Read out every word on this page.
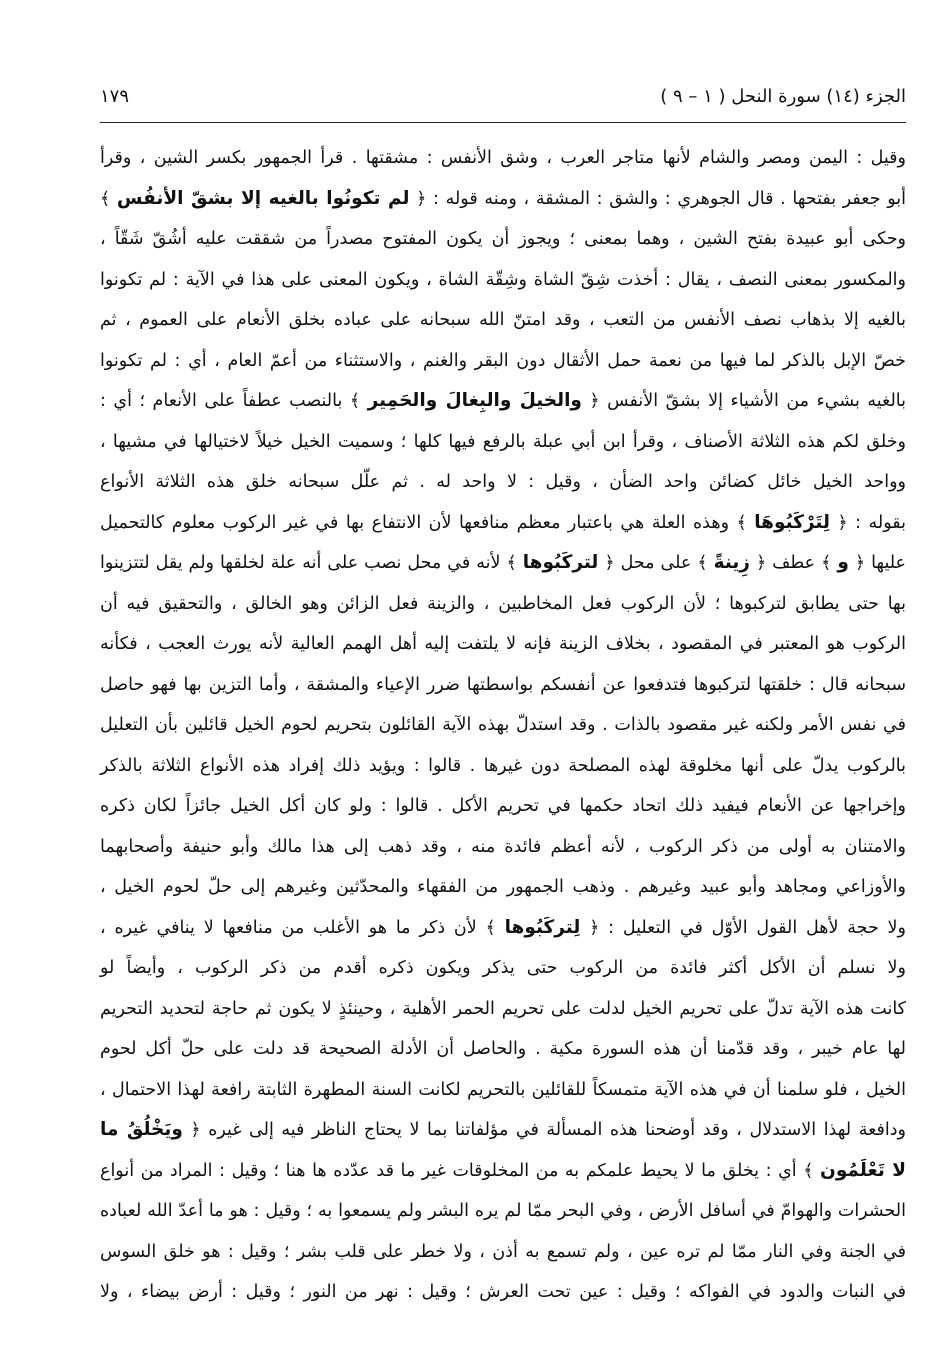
الجزء (١٤) سورة النحل ( ١ – ٩ )
١٧٩
وقيل : اليمن ومصر والشام لأنها متاجر العرب ، وشق الأنفس : مشقتها . قرأ الجمهور بكسر الشين ، وقرأ
أبو جعفر بفتحها . قال الجوهري : والشق : المشقة ، ومنه قوله : ﴿ لم تكونُوا بالغيه إلا بشقّ الأنفُس ﴾
وحكى أبو عبيدة بفتح الشين ، وهما بمعنى ؛ ويجوز أن يكون المفتوح مصدراً من شققت عليه أشُقّ شَقّاً ،
والمكسور بمعنى النصف ، يقال : أخذت شِقّ الشاة وشِقّة الشاة ، ويكون المعنى على هذا في الآية : لم تكونوا
بالغيه إلا بذهاب نصف الأنفس من التعب ، وقد امتنّ الله سبحانه على عباده بخلق الأنعام على العموم ، ثم
خصّ الإبل بالذكر لما فيها من نعمة حمل الأثقال دون البقر والغنم ، والاستثناء من أعمّ العام ، أي : لم تكونوا
بالغيه بشيء من الأشياء إلا بشقّ الأنفس ﴿ والخيلَ والبِغالَ والحَمِير ﴾ بالنصب عطفاً على الأنعام ؛ أي :
وخلق لكم هذه الثلاثة الأصناف ، وقرأ ابن أبي عبلة بالرفع فيها كلها ؛ وسميت الخيل خيلاً لاختيالها في مشيها ،
وواحد الخيل خائل كضائن واحد الضأن ، وقيل : لا واحد له . ثم علّل سبحانه خلق هذه الثلاثة الأنواع
بقوله : ﴿ لِتَرْكَبُوهَا ﴾ وهذه العلة هي باعتبار معظم منافعها لأن الانتفاع بها في غير الركوب معلوم كالتحميل
عليها ﴿ و ﴾ عطف ﴿ زِينةً ﴾ على محل ﴿ لتركَبُوها ﴾ لأنه في محل نصب على أنه علة لخلقها ولم يقل لتتزينوا
بها حتى يطابق لتركبوها ؛ لأن الركوب فعل المخاطبين ، والزينة فعل الزائن وهو الخالق ، والتحقيق فيه أن
الركوب هو المعتبر في المقصود ، بخلاف الزينة فإنه لا يلتفت إليه أهل الهمم العالية لأنه يورث العجب ، فكأنه
سبحانه قال : خلقتها لتركبوها فتدفعوا عن أنفسكم بواسطتها ضرر الإعياء والمشقة ، وأما التزين بها فهو حاصل
في نفس الأمر ولكنه غير مقصود بالذات . وقد استدلّ بهذه الآية القائلون بتحريم لحوم الخيل قائلين بأن التعليل
بالركوب يدلّ على أنها مخلوقة لهذه المصلحة دون غيرها . قالوا : ويؤيد ذلك إفراد هذه الأنواع الثلاثة بالذكر
وإخراجها عن الأنعام فيفيد ذلك اتحاد حكمها في تحريم الأكل . قالوا : ولو كان أكل الخيل جائزاً لكان ذكره
والامتنان به أولى من ذكر الركوب ، لأنه أعظم فائدة منه ، وقد ذهب إلى هذا مالك وأبو حنيفة وأصحابهما
والأوزاعي ومجاهد وأبو عبيد وغيرهم . وذهب الجمهور من الفقهاء والمحدّثين وغيرهم إلى حلّ لحوم الخيل ،
ولا حجة لأهل القول الأوّل في التعليل : ﴿ لِتركَبُوها ﴾ لأن ذكر ما هو الأغلب من منافعها لا ينافي غيره ،
ولا نسلم أن الأكل أكثر فائدة من الركوب حتى يذكر ويكون ذكره أقدم من ذكر الركوب ، وأيضاً لو
كانت هذه الآية تدلّ على تحريم الخيل لدلت على تحريم الحمر الأهلية ، وحينئذٍ لا يكون ثم حاجة لتحديد التحريم
لها عام خيبر ، وقد قدّمنا أن هذه السورة مكية . والحاصل أن الأدلة الصحيحة قد دلت على حلّ أكل لحوم
الخيل ، فلو سلمنا أن في هذه الآية متمسكاً للقائلين بالتحريم لكانت السنة المطهرة الثابتة رافعة لهذا الاحتمال ،
ودافعة لهذا الاستدلال ، وقد أوضحنا هذه المسألة في مؤلفاتنا بما لا يحتاج الناظر فيه إلى غيره ﴿ ويَخْلُقُ ما
لا تَعْلَمُون ﴾ أي : يخلق ما لا يحيط علمكم به من المخلوقات غير ما قد عدّده ها هنا ؛ وقيل : المراد من أنواع
الحشرات والهوامّ في أسافل الأرض ، وفي البحر ممّا لم يره البشر ولم يسمعوا به ؛ وقيل : هو ما أعدّ الله لعباده
في الجنة وفي النار ممّا لم تره عين ، ولم تسمع به أذن ، ولا خطر على قلب بشر ؛ وقيل : هو خلق السوس
في النبات والدود في الفواكه ؛ وقيل : عين تحت العرش ؛ وقيل : نهر من النور ؛ وقيل : أرض بيضاء ، ولا
